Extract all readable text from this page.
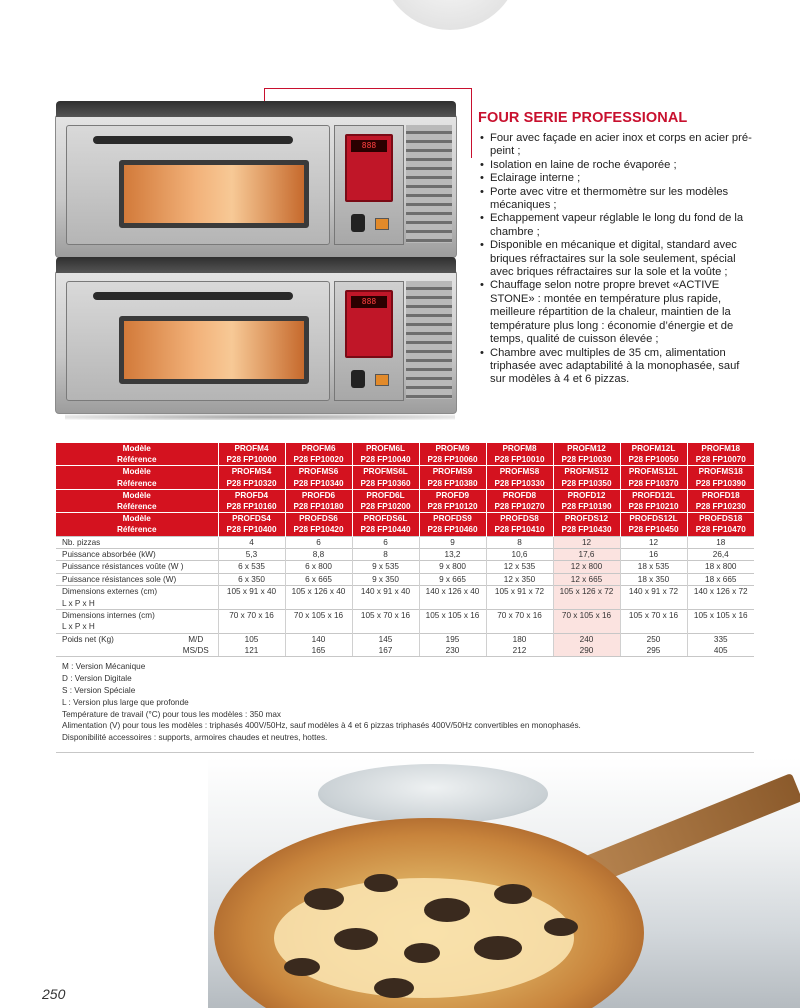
888
888
FOUR SERIE PROFESSIONAL
• Four avec façade en acier inox et corps en acier pré-peint ;
• Isolation en laine de roche évaporée ;
• Eclairage interne ;
• Porte avec vitre et thermomètre sur les modèles mécaniques ;
• Echappement vapeur réglable le long du fond de la chambre ;
• Disponible en mécanique et digital, standard avec briques réfractaires sur la sole seulement, spécial avec briques réfractaires sur la sole et la voûte ;
• Chauffage selon notre propre brevet «ACTIVE STONE» : montée en température plus rapide, meilleure répartition de la chaleur, maintien de la température plus long : économie d’énergie et de temps, qualité de cuisson élevée ;
• Chambre avec multiples de 35 cm, alimentation triphasée avec adaptabilité à la monophasée, sauf sur modèles à 4 et 6 pizzas.
Modèle		PROFM4	PROFM6	PROFM6L	PROFM9	PROFM8	PROFM12	PROFM12L	PROFM18
Référence		P28 FP10000	P28 FP10020	P28 FP10040	P28 FP10060	P28 FP10010	P28 FP10030	P28 FP10050	P28 FP10070
Modèle		PROFMS4	PROFMS6	PROFMS6L	PROFMS9	PROFMS8	PROFMS12	PROFMS12L	PROFMS18
Référence		P28 FP10320	P28 FP10340	P28 FP10360	P28 FP10380	P28 FP10330	P28 FP10350	P28 FP10370	P28 FP10390
Modèle		PROFD4	PROFD6	PROFD6L	PROFD9	PROFD8	PROFD12	PROFD12L	PROFD18
Référence		P28 FP10160	P28 FP10180	P28 FP10200	P28 FP10120	P28 FP10270	P28 FP10190	P28 FP10210	P28 FP10230
Modèle		PROFDS4	PROFDS6	PROFDS6L	PROFDS9	PROFDS8	PROFDS12	PROFDS12L	PROFDS18
Référence		P28 FP10400	P28 FP10420	P28 FP10440	P28 FP10460	P28 FP10410	P28 FP10430	P28 FP10450	P28 FP10470
Nb. pizzas		4	6	6	9	8	12	12	18
Puissance absorbée (kW)		5,3	8,8	8	13,2	10,6	17,6	16	26,4
Puissance résistances voûte (W )		6 x 535	6 x 800	9 x 535	9 x 800	12 x 535	12 x 800	18 x 535	18 x 800
Puissance résistances sole (W)		6 x 350	6 x 665	9 x 350	9 x 665	12 x 350	12 x 665	18 x 350	18 x 665
Dimensions externes (cm)		105 x 91 x 40	105 x 126 x 40	140 x 91 x 40	140 x 126 x 40	105 x 91 x 72	105 x 126 x 72	140 x 91 x 72	140 x 126 x 72
L x P x H									
Dimensions internes (cm)		70 x 70 x 16	70 x 105 x 16	105 x 70 x 16	105 x 105 x 16	70 x 70 x 16	70 x 105 x 16	105 x 70 x 16	105 x 105 x 16
L x P x H									
Poids net (Kg)	M/D	105	140	145	195	180	240	250	335
	MS/DS	121	165	167	230	212	290	295	405
M : Version Mécanique
D : Version Digitale
S : Version Spéciale
L : Version plus large que profonde
Température de travail (°C) pour tous les modèles : 350 max
Alimentation (V) pour tous les modèles : triphasés 400V/50Hz, sauf modèles à 4 et 6 pizzas triphasés 400V/50Hz convertibles en monophasés.
Disponibilité accessoires : supports, armoires chaudes et neutres, hottes.
250
